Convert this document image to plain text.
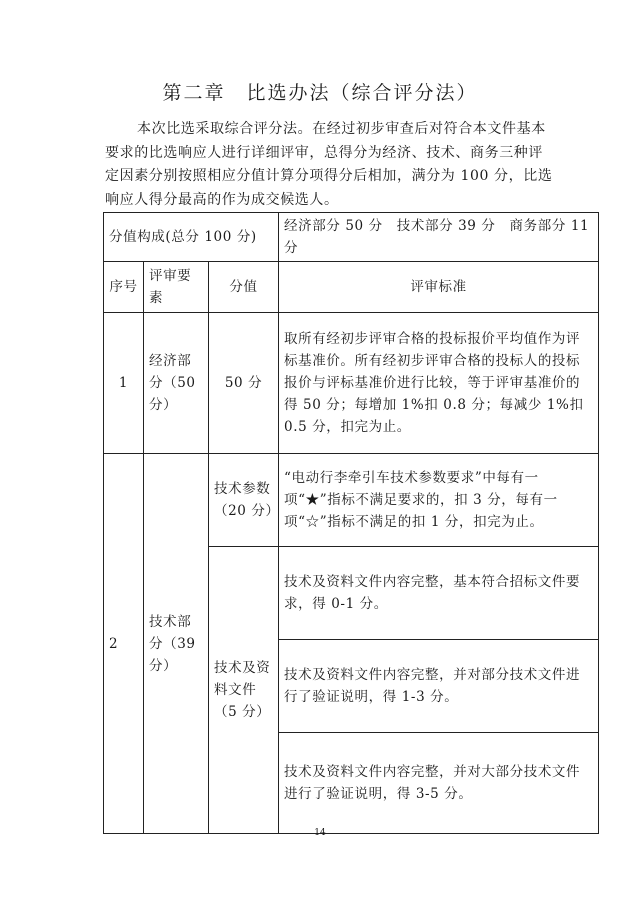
第二章　比选办法（综合评分法）
本次比选采取综合评分法。在经过初步审查后对符合本文件基本要求的比选响应人进行详细评审，总得分为经济、技术、商务三种评定因素分别按照相应分值计算分项得分后相加，满分为 100 分，比选响应人得分最高的作为成交候选人。
分值构成(总分 100 分)			经济部分 50 分　技术部分 39 分　商务部分 11 分
序号	评审要素	分值	评审标准
1	经济部分（50 分）	50 分	取所有经初步评审合格的投标报价平均值作为评标基准价。所有经初步评审合格的投标人的投标报价与评标基准价进行比较，等于评审基准价的得 50 分；每增加 1%扣 0.8 分；每减少 1%扣 0.5 分，扣完为止。
2	技术部分（39 分）	技术参数（20 分）	“电动行李牵引车技术参数要求”中每有一项“★”指标不满足要求的，扣 3 分，每有一项“☆”指标不满足的扣 1 分，扣完为止。
		技术及资料文件（5 分）	技术及资料文件内容完整，基本符合招标文件要求，得 0-1 分。
			技术及资料文件内容完整，并对部分技术文件进行了验证说明，得 1-3 分。
			技术及资料文件内容完整，并对大部分技术文件进行了验证说明，得 3-5 分。
14
